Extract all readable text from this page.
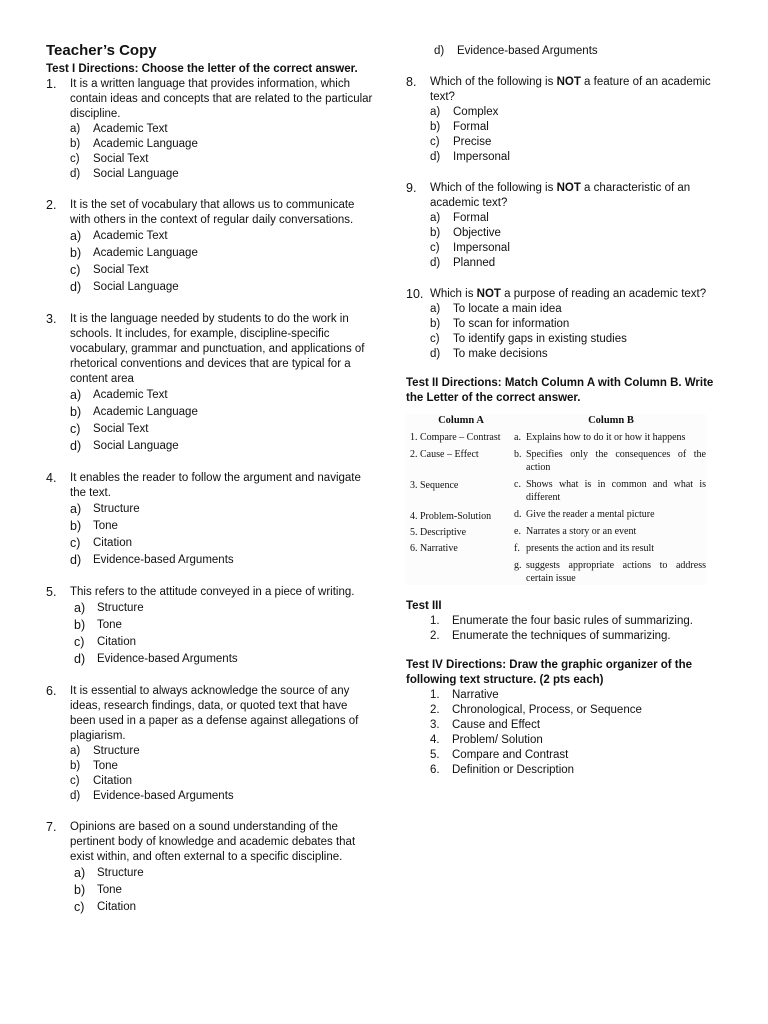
Teacher’s Copy
Test I Directions: Choose the letter of the correct answer.
1. It is a written language that provides information, which contain ideas and concepts that are related to the particular discipline.
a) Academic Text
b) Academic Language
c) Social Text
d) Social Language
2. It is the set of vocabulary that allows us to communicate with others in the context of regular daily conversations.
a) Academic Text
b) Academic Language
c) Social Text
d) Social Language
3. It is the language needed by students to do the work in schools. It includes, for example, discipline-specific vocabulary, grammar and punctuation, and applications of rhetorical conventions and devices that are typical for a content area
a) Academic Text
b) Academic Language
c) Social Text
d) Social Language
4. It enables the reader to follow the argument and navigate the text.
a) Structure
b) Tone
c) Citation
d) Evidence-based Arguments
5. This refers to the attitude conveyed in a piece of writing.
a) Structure
b) Tone
c) Citation
d) Evidence-based Arguments
6. It is essential to always acknowledge the source of any ideas, research findings, data, or quoted text that have been used in a paper as a defense against allegations of plagiarism.
a) Structure
b) Tone
c) Citation
d) Evidence-based Arguments
7. Opinions are based on a sound understanding of the pertinent body of knowledge and academic debates that exist within, and often external to a specific discipline.
a) Structure
b) Tone
c) Citation
d) Evidence-based Arguments
8. Which of the following is NOT a feature of an academic text?
a) Complex
b) Formal
c) Precise
d) Impersonal
9. Which of the following is NOT a characteristic of an academic text?
a) Formal
b) Objective
c) Impersonal
d) Planned
10. Which is NOT a purpose of reading an academic text?
a) To locate a main idea
b) To scan for information
c) To identify gaps in existing studies
d) To make decisions
Test II Directions: Match Column A with Column B. Write the Letter of the correct answer.
Column A	Column B
1. Compare – Contrast
2. Cause – Effect
3. Sequence
4. Problem-Solution
5. Descriptive
6. Narrative
a. Explains how to do it or how it happens
b. Specifies only the consequences of the action
c. Shows what is in common and what is different
d. Give the reader a mental picture
e. Narrates a story or an event
f. presents the action and its result
g. suggests appropriate actions to address certain issue
Test III
1. Enumerate the four basic rules of summarizing.
2. Enumerate the techniques of summarizing.
Test IV Directions: Draw the graphic organizer of the following text structure. (2 pts each)
1. Narrative
2. Chronological, Process, or Sequence
3. Cause and Effect
4. Problem/ Solution
5. Compare and Contrast
6. Definition or Description
